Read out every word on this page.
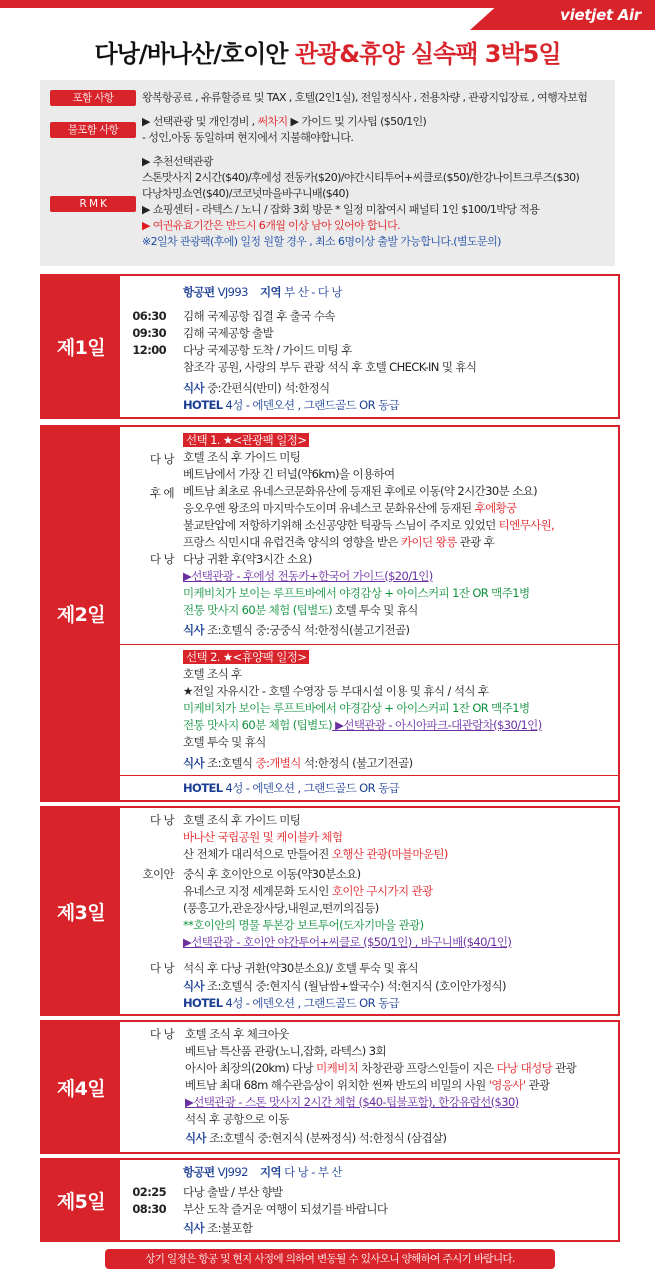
vietjet Air
다낭/바나산/호이안 관광&휴양 실속팩 3박5일
포함 사항	왕복항공료 , 유류할증료 및 TAX , 호텔(2인1실), 전일정식사 , 전용차량 , 관광지입장료 , 여행자보험
불포함 사항
▶ 선택관광 및 개인경비 , 써차지 ▶ 가이드 및 기사팁 ($50/1인)
- 성인,아동 동일하며 현지에서 지불해야합니다.
R M K
▶ 추천선택관광
스톤맛사지 2시간($40)/후에성 전동카($20)/야간시티투어+씨클로($50)/한강나이트크루즈($30)
다낭차밍쇼연($40)/코코넛마을바구니배($40)
▶ 쇼핑센터 - 라텍스 / 노니 / 잡화 3회 방문 * 일정 미참여시 패널티 1인 $100/1박당 적용
▶ 여권유효기간은 반드시 6개월 이상 남아 있어야 합니다.
※2일차 관광팩(후에) 일정 원할 경우 , 최소 6명이상 출발 가능합니다.(별도문의)
제1일
항공편 VJ993 지역 부 산 - 다 낭
06:30
09:30
12:00
김해 국제공항 집결 후 출국 수속
김해 국제공항 출발
다낭 국제공항 도착 / 가이드 미팅 후
참조각 공원, 사랑의 부두 관광 석식 후 호텔 CHECK-IN 및 휴식
식사 중:간편식(반미) 석:한정식
HOTEL 4성 - 에덴오션 , 그랜드골드 OR 동급
제2일
다 낭
후 에
다 낭
선택 1. ★<관광팩 일정>
호텔 조식 후 가이드 미팅
베트남에서 가장 긴 터널(약6km)을 이용하여
베트남 최초로 유네스코문화유산에 등재된 후에로 이동(약 2시간30분 소요)
응오우엔 왕조의 마지막수도이며 유네스코 문화유산에 등재된 후에황궁
불교탄압에 저항하기위해 소신공양한 틱광득 스님이 주지로 있었던 티엔무사원,
프랑스 식민시대 유럽건축 양식의 영향을 받은 카이딘 왕릉 관광 후
다낭 귀환 후(약3시간 소요)
▶선택관광 - 후에성 전동카+한국어 가이드($20/1인)
미케비치가 보이는 루프트바에서 야경감상 + 아이스커피 1잔 OR 맥주1병
전통 맛사지 60분 체험 (팁별도) 호텔 투숙 및 휴식
식사 조:호텔식 중:궁중식 석:한정식(불고기전골)
선택 2. ★<휴양팩 일정>
호텔 조식 후
★전일 자유시간 - 호텔 수영장 등 부대시설 이용 및 휴식 / 석식 후
미케비치가 보이는 루프트바에서 야경감상 + 아이스커피 1잔 OR 맥주1병
전통 맛사지 60분 체험 (팁별도) ▶선택관광 - 아시아파크-대관람차($30/1인)
호텔 투숙 및 휴식
식사 조:호텔식 중:개별식 석:한정식 (불고기전골)
HOTEL 4성 - 에덴오션 , 그랜드골드 OR 동급
제3일
다 낭
호이안
다 낭
호텔 조식 후 가이드 미팅
바나산 국립공원 및 케이블카 체험
산 전체가 대리석으로 만들어진 오행산 관광(마블마운틴)
중식 후 호이안으로 이동(약30분소요)
유네스코 지정 세계문화 도시인 호이안 구시가지 관광
(풍흥고가,관운장사당,내원교,떤끼의집등)
**호이안의 명물 투본강 보트투어(도자기마을 관광)
▶선택관광 - 호이안 야간투어+씨클로 ($50/1인) , 바구니배($40/1인)
석식 후 다낭 귀환(약30분소요)/ 호텔 투숙 및 휴식
식사 조:호텔식 중:현지식 (월남쌈+쌀국수) 석:현지식 (호이안가정식)
HOTEL 4성 - 에덴오션 , 그랜드골드 OR 동급
제4일
다 낭 호텔 조식 후 체크아웃
베트남 특산품 관광(노니,잡화, 라텍스) 3회
아시아 최장의(20km) 다낭 미케비치 차창관광 프랑스인들이 지은 다낭 대성당 관광
베트남 최대 68m 해수관음상이 위치한 썬짜 반도의 비밀의 사원 '영응사' 관광
▶선택관광 - 스톤 맛사지 2시간 체험 ($40-팁불포함), 한강유람선($30)
석식 후 공항으로 이동
식사 조:호텔식 중:현지식 (분짜정식) 석:한정식 (삼겹살)
제5일
항공편 VJ992 지역 다 낭 - 부 산
02:25
08:30
다낭 출발 / 부산 향발
부산 도착 즐거운 여행이 되셨기를 바랍니다
식사 조:불포함
상기 일정은 항공 및 현지 사정에 의하여 변동될 수 있사오니 양해하여 주시기 바랍니다.
